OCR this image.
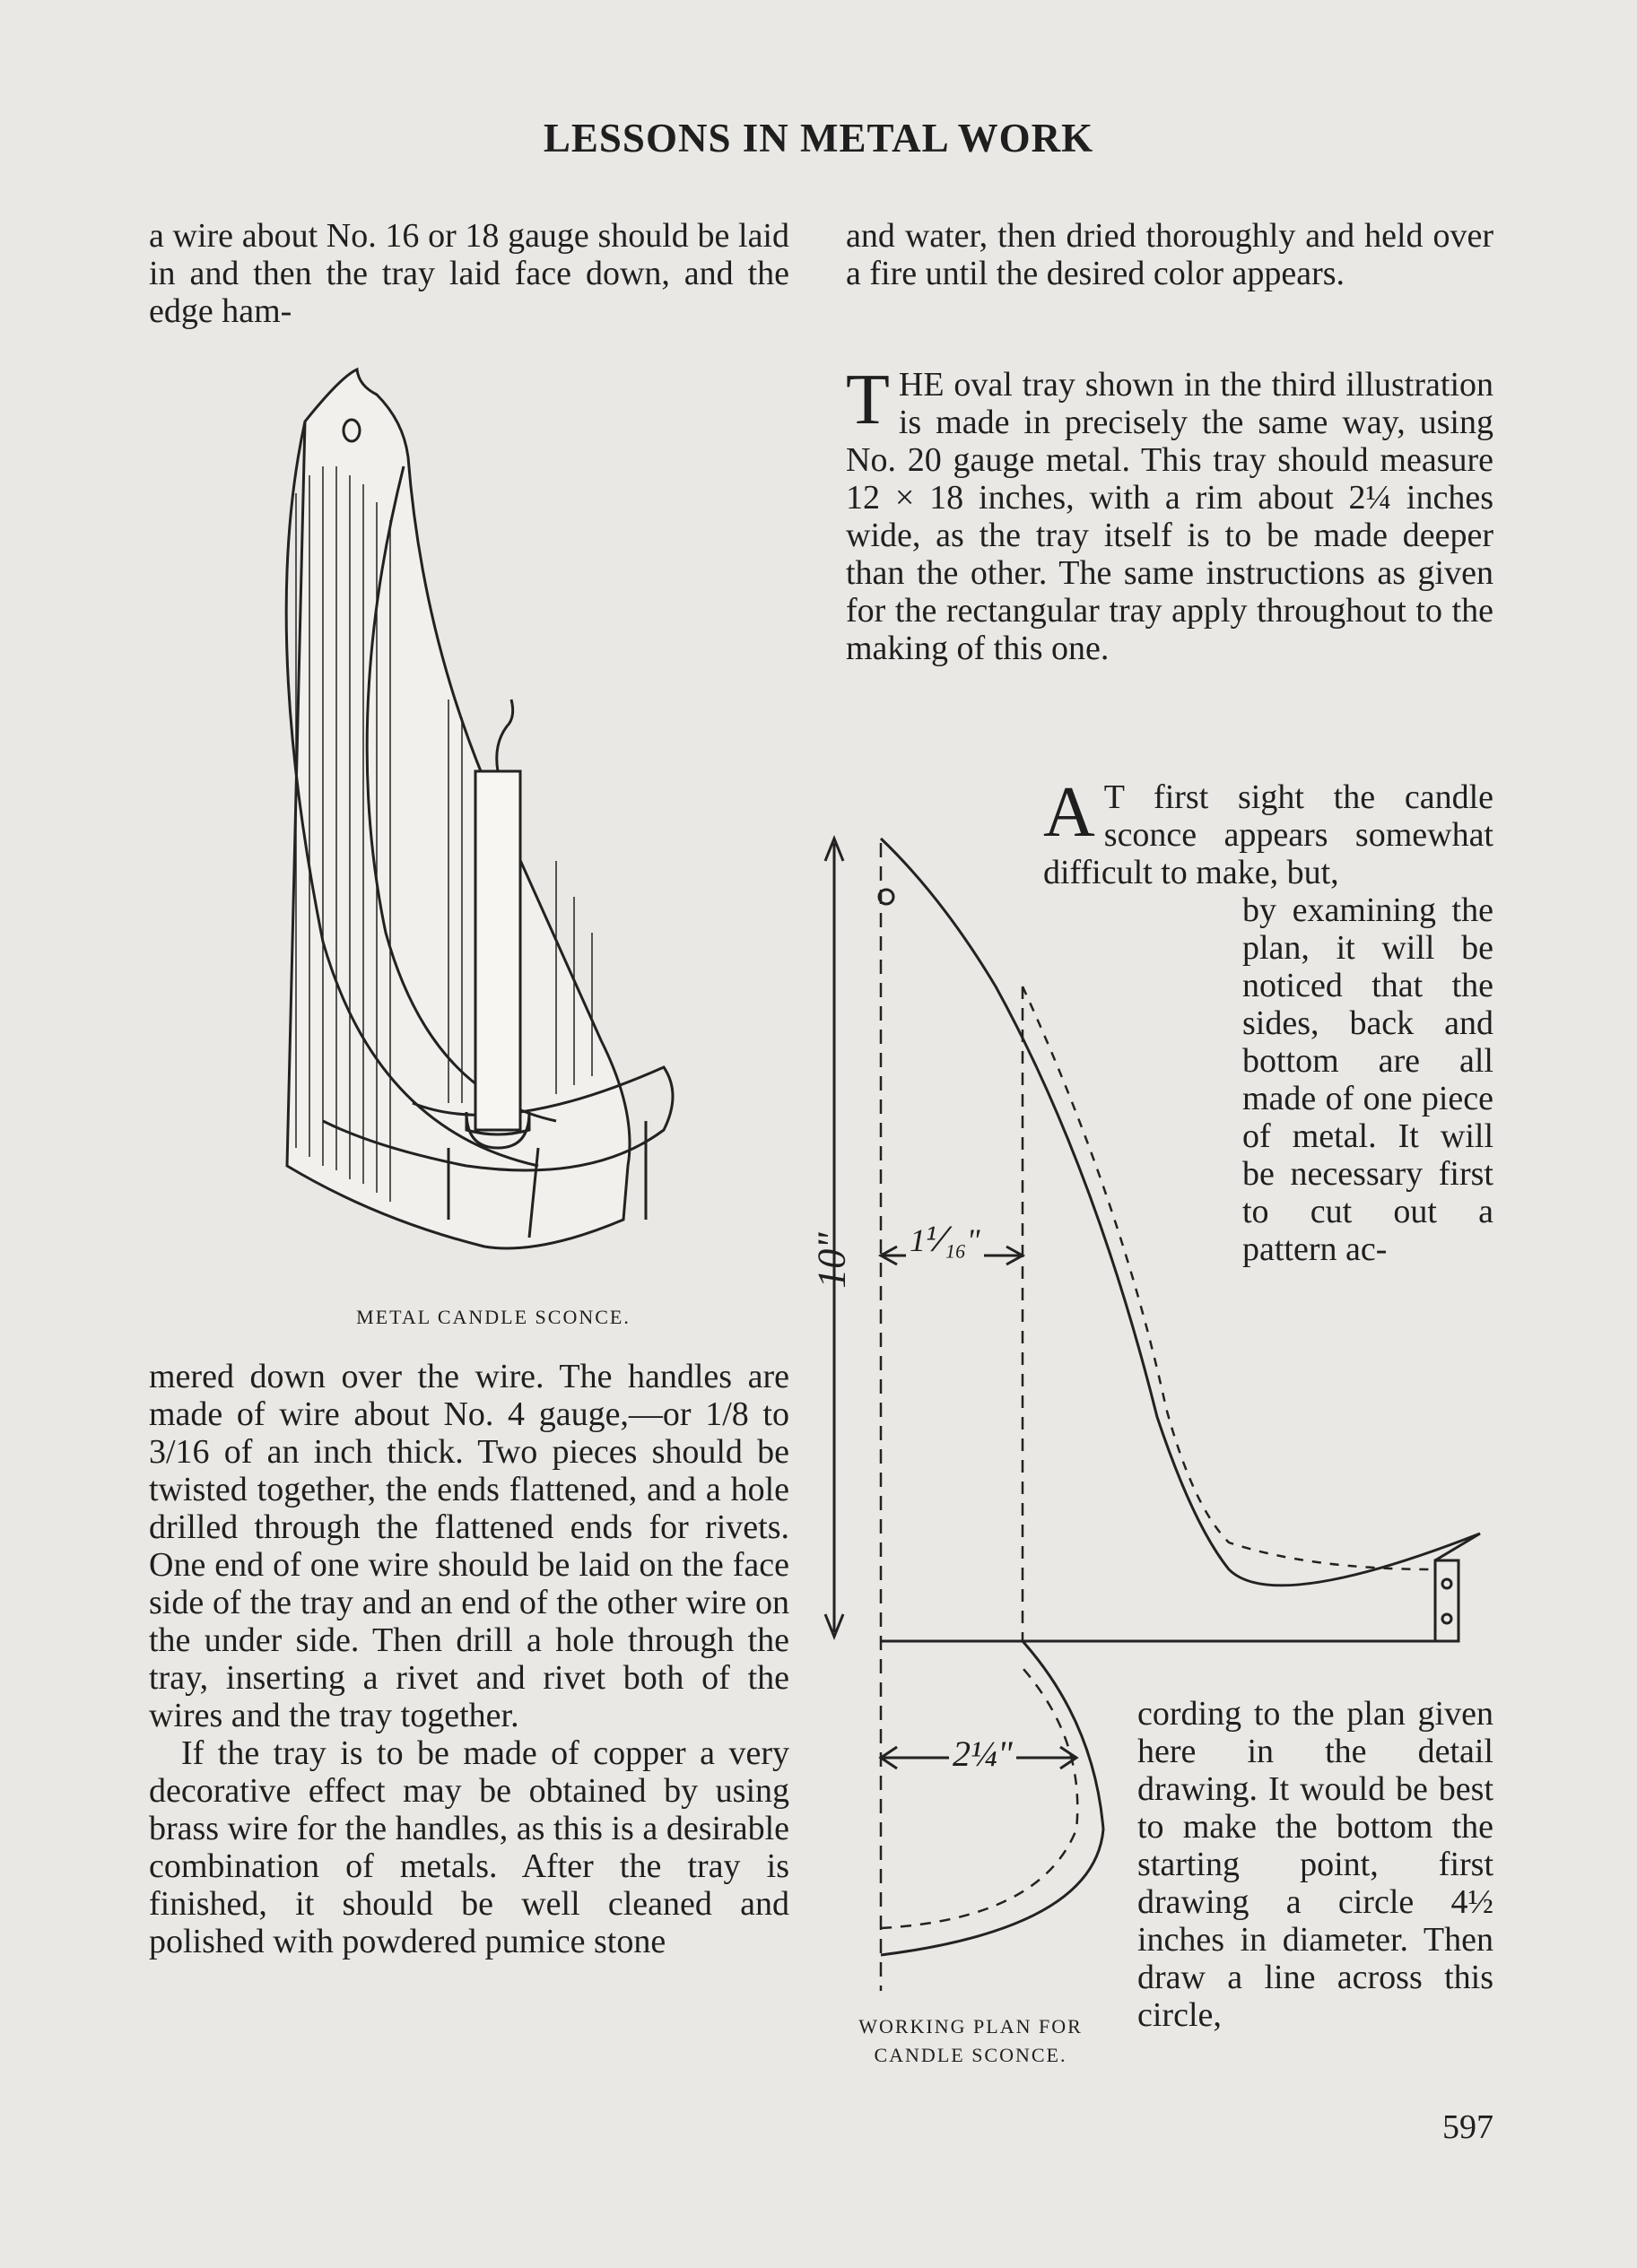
LESSONS IN METAL WORK

a wire about No. 16 or 18 gauge should be laid in and then the tray laid face down, and the edge ham-

METAL CANDLE SCONCE.

mered down over the wire. The handles are made of wire about No. 4 gauge,—or 1/8 to 3/16 of an inch thick. Two pieces should be twisted together, the ends flattened, and a hole drilled through the flattened ends for rivets. One end of one wire should be laid on the face side of the tray and an end of the other wire on the under side. Then drill a hole through the tray, inserting a rivet and rivet both of the wires and the tray together.

If the tray is to be made of copper a very decorative effect may be obtained by using brass wire for the handles, as this is a desirable combination of metals. After the tray is finished, it should be well cleaned and polished with powdered pumice stone

and water, then dried thoroughly and held over a fire until the desired color appears.

THE oval tray shown in the third illustration is made in precisely the same way, using No. 20 gauge metal. This tray should measure 12 × 18 inches, with a rim about 2¼ inches wide, as the tray itself is to be made deeper than the other. The same instructions as given for the rectangular tray apply throughout to the making of this one.

A T first sight the candle sconce appears somewhat difficult to make, but,

by examining the plan, it will be noticed that the sides, back and bottom are all made of one piece of metal. It will be necessary first to cut out a pattern ac-

10" 1⅟₁₆"
2¼"
WORKING PLAN FOR
CANDLE SCONCE.

cording to the plan given here in the detail drawing. It would be best to make the bottom the starting point, first drawing a circle 4½ inches in diameter. Then draw a line across this circle,

597
